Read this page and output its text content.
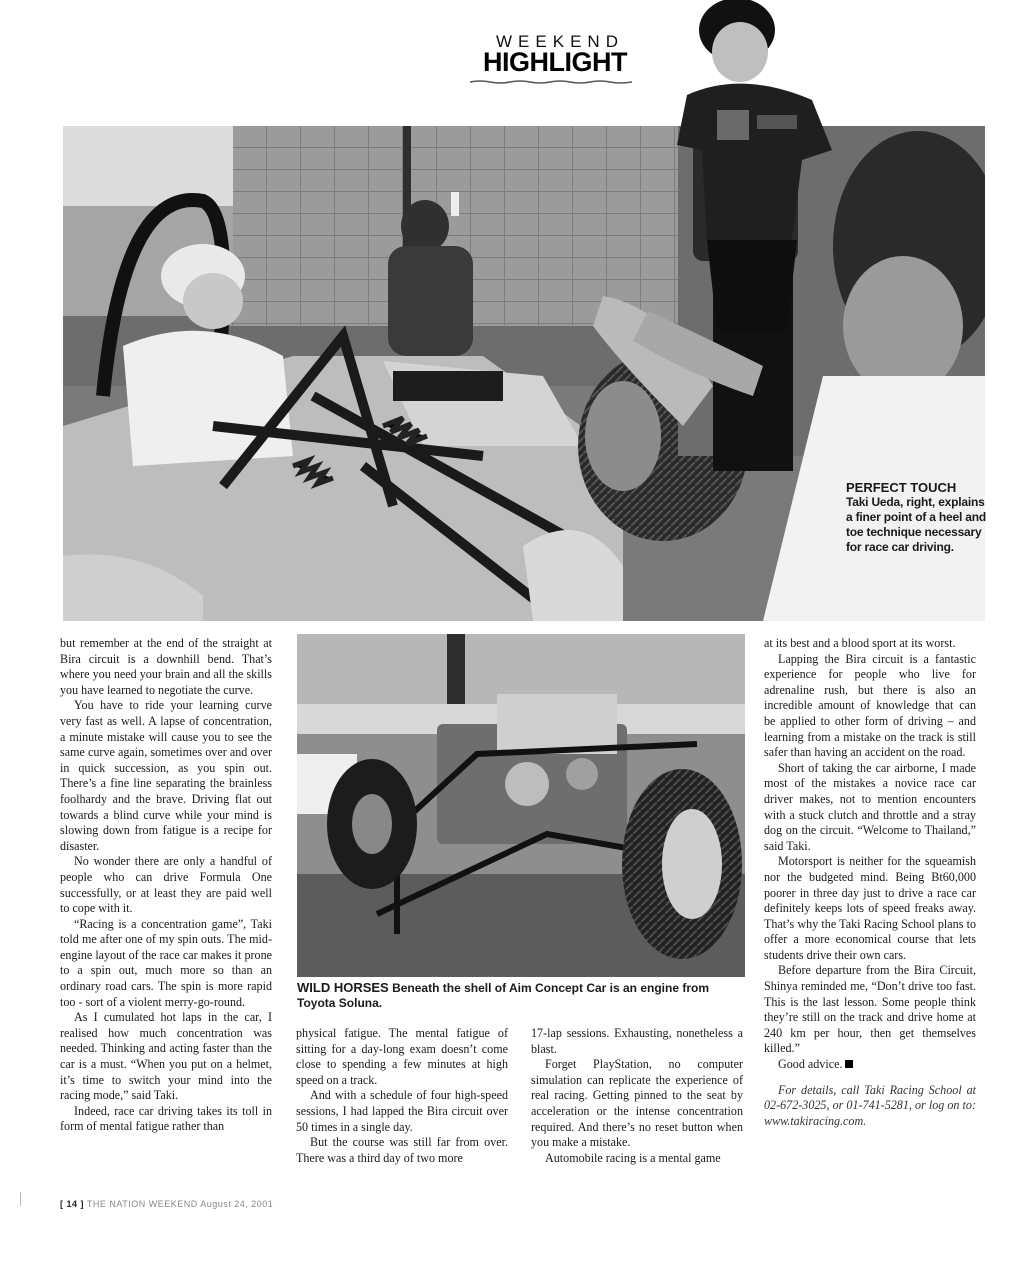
WEEKEND
HIGHLIGHT
PERFECT TOUCH
Taki Ueda, right, explains a finer point of a heel and toe technique necessary for race car driving.
WILD HORSES Beneath the shell of Aim Concept Car is an engine from Toyota Soluna.

but remember at the end of the straight at Bira circuit is a downhill bend. That’s where you need your brain and all the skills you have learned to negotiate the curve.

You have to ride your learning curve very fast as well. A lapse of concentration, a minute mistake will cause you to see the same curve again, sometimes over and over in quick succession, as you spin out. There’s a fine line separating the brainless foolhardy and the brave. Driving flat out towards a blind curve while your mind is slowing down from fatigue is a recipe for disaster.

No wonder there are only a handful of people who can drive Formula One successfully, or at least they are paid well to cope with it.

“Racing is a concentration game”, Taki told me after one of my spin outs. The mid-engine layout of the race car makes it prone to a spin out, much more so than an ordinary road cars. The spin is more rapid too - sort of a violent merry-go-round.

As I cumulated hot laps in the car, I realised how much concentration was needed. Thinking and acting faster than the car is a must. “When you put on a helmet, it’s time to switch your mind into the racing mode,” said Taki.

Indeed, race car driving takes its toll in form of mental fatigue rather than

physical fatigue. The mental fatigue of sitting for a day-long exam doesn’t come close to spending a few minutes at high speed on a track.

And with a schedule of four high-speed sessions, I had lapped the Bira circuit over 50 times in a single day.

But the course was still far from over. There was a third day of two more

17-lap sessions. Exhausting, nonetheless a blast.

Forget PlayStation, no computer simulation can replicate the experience of real racing. Getting pinned to the seat by acceleration or the intense concentration required. And there’s no reset button when you make a mistake.

Automobile racing is a mental game

at its best and a blood sport at its worst.

Lapping the Bira circuit is a fantastic experience for people who live for adrenaline rush, but there is also an incredible amount of knowledge that can be applied to other form of driving – and learning from a mistake on the track is still safer than having an accident on the road.

Short of taking the car airborne, I made most of the mistakes a novice race car driver makes, not to mention encounters with a stuck clutch and throttle and a stray dog on the circuit. “Welcome to Thailand,” said Taki.

Motorsport is neither for the squeamish nor the budgeted mind. Being Bt60,000 poorer in three day just to drive a race car definitely keeps lots of speed freaks away. That’s why the Taki Racing School plans to offer a more economical course that lets students drive their own cars.

Before departure from the Bira Circuit, Shinya reminded me, “Don’t drive too fast. This is the last lesson. Some people think they’re still on the track and drive home at 240 km per hour, then get themselves killed.”

Good advice.

For details, call Taki Racing School at 02-672-3025, or 01-741-5281, or log on to: www.takiracing.com.

[ 14 ] THE NATION WEEKEND August 24, 2001
